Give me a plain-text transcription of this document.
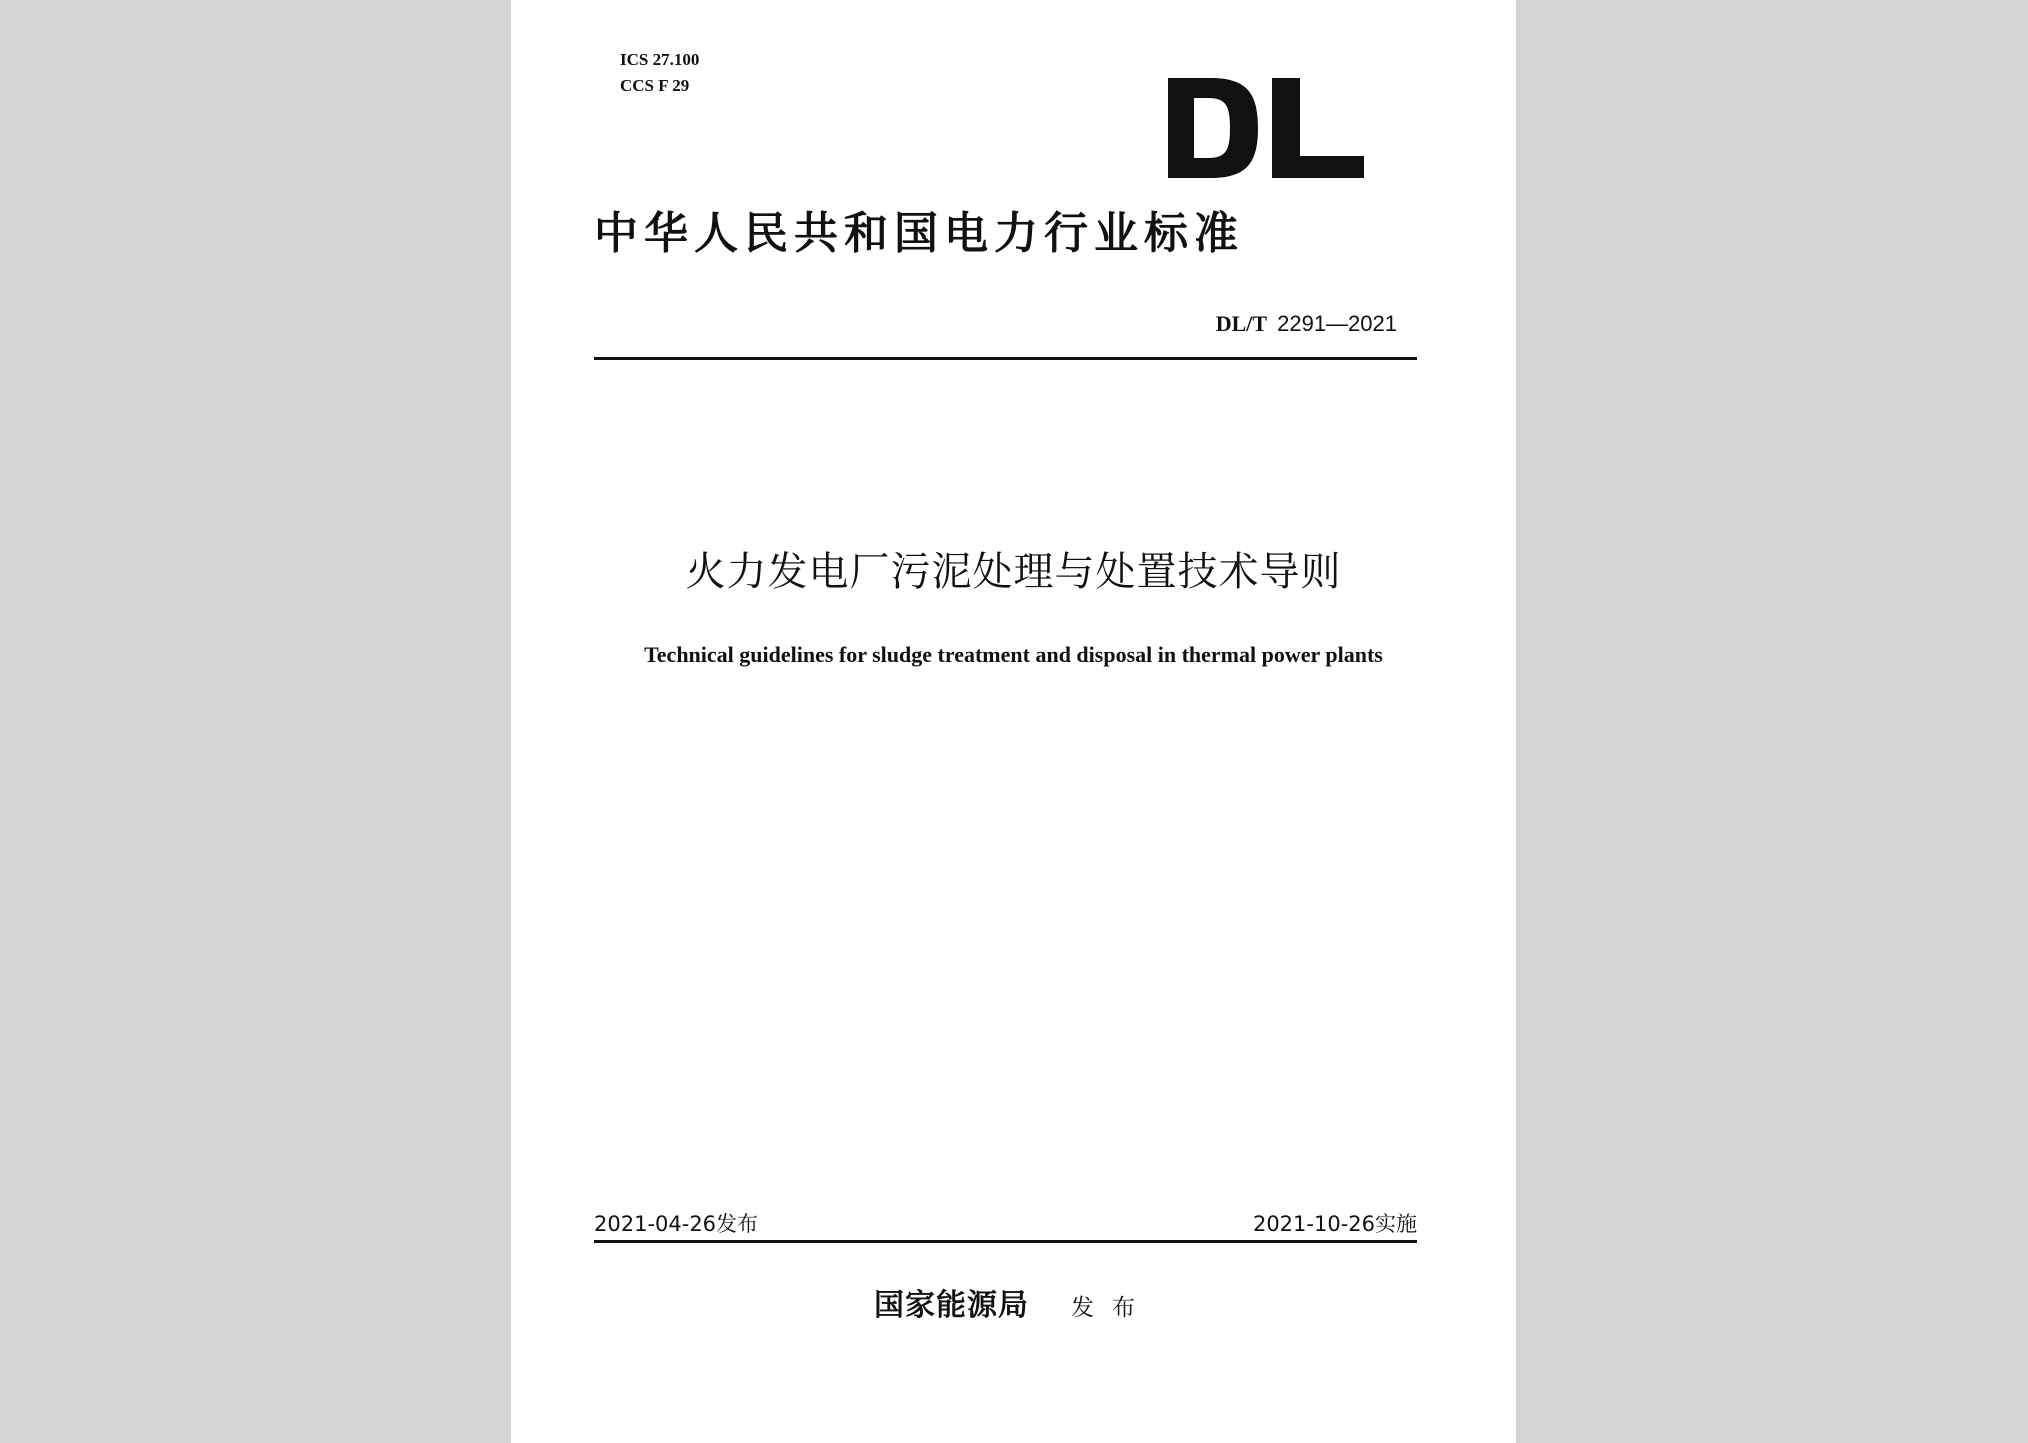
ICS 27.100
CCS F 29
中华人民共和国电力行业标准
DL/T 2291—2021
火力发电厂污泥处理与处置技术导则
Technical guidelines for sludge treatment and disposal in thermal power plants
2021-04-26发布	2021-10-26实施
国家能源局 发布
